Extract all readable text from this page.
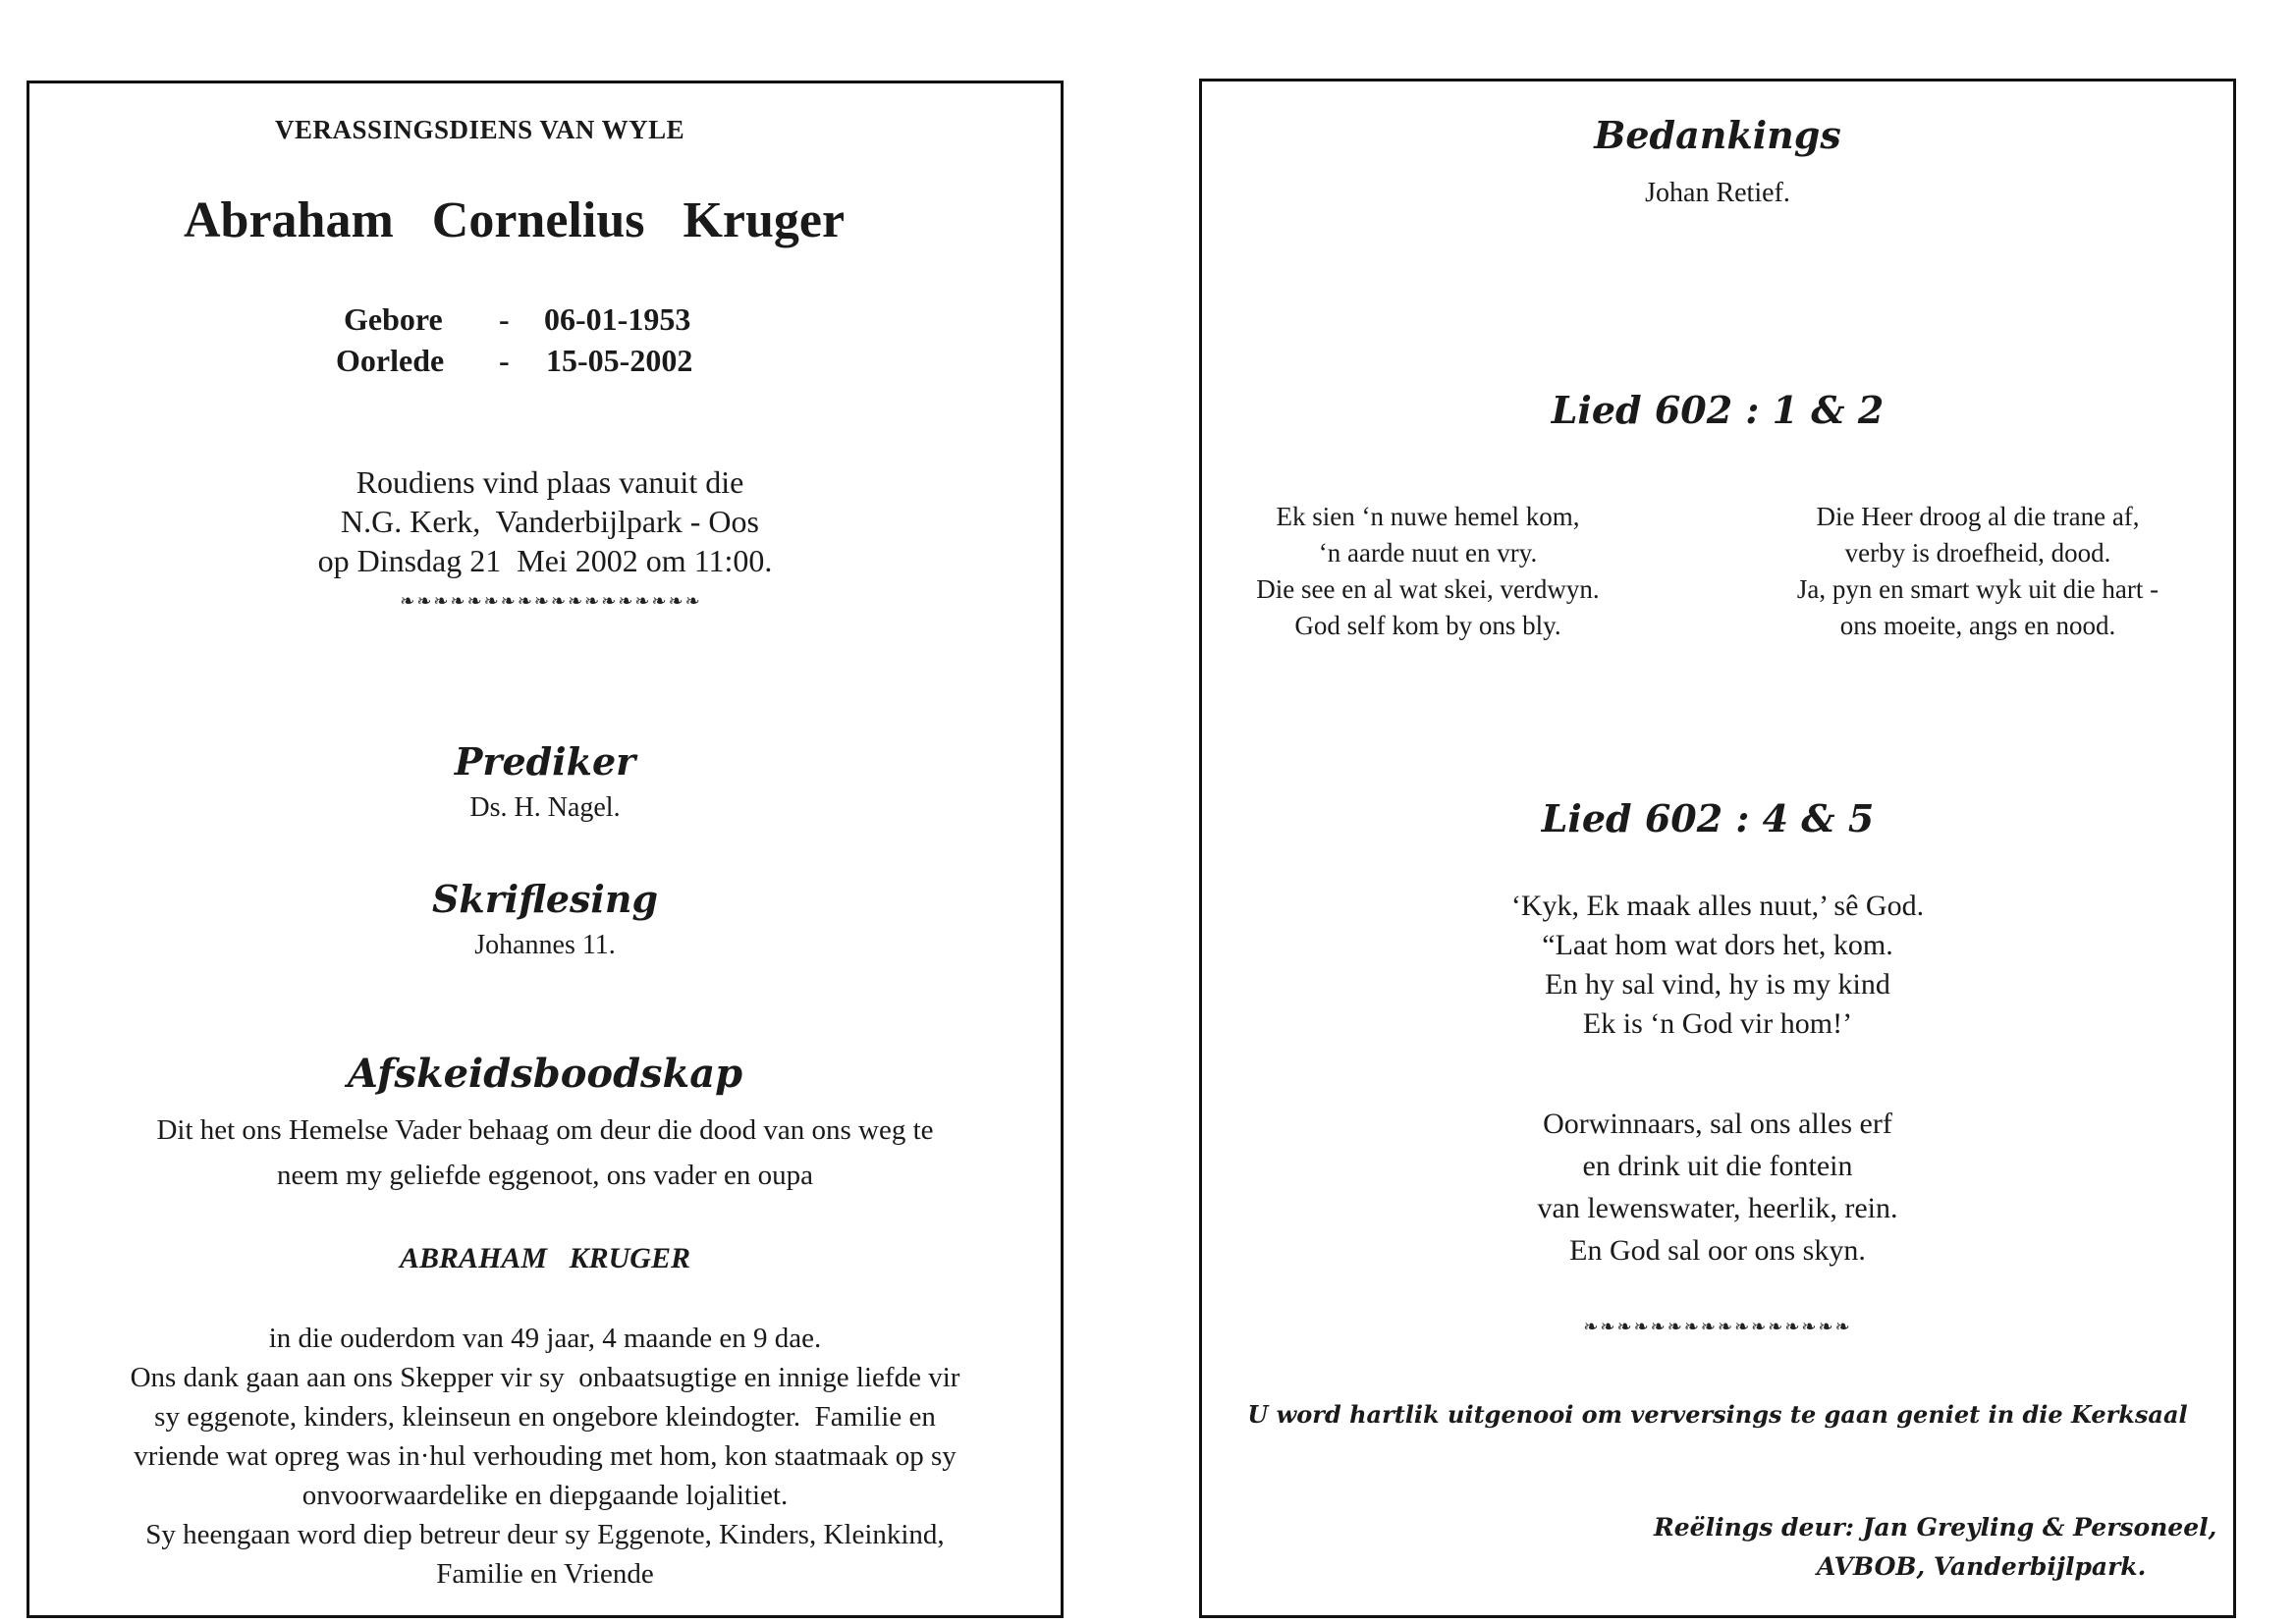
VERASSINGSDIENS VAN WYLE
Abraham   Cornelius   Kruger
Gebore - 06-01-1953
Oorlede - 15-05-2002
Roudiens vind plaas vanuit die
N.G. Kerk,  Vanderbijlpark - Oos
op Dinsdag 21  Mei 2002 om 11:00.
❧❧❧❧❧❧❧❧❧❧❧❧❧❧❧❧❧❧
Prediker
Ds. H. Nagel.
Skriflesing
Johannes 11.
Afskeidsboodskap
Dit het ons Hemelse Vader behaag om deur die dood van ons weg te
neem my geliefde eggenoot, ons vader en oupa
ABRAHAM   KRUGER
in die ouderdom van 49 jaar, 4 maande en 9 dae.
Ons dank gaan aan ons Skepper vir sy  onbaatsugtige en innige liefde vir
sy eggenote, kinders, kleinseun en ongebore kleindogter.  Familie en
vriende wat opreg was in·hul verhouding met hom, kon staatmaak op sy
onvoorwaardelike en diepgaande lojalitiet.
Sy heengaan word diep betreur deur sy Eggenote, Kinders, Kleinkind,
Familie en Vriende
Bedankings
Johan Retief.
Lied 602 : 1 & 2
Ek sien ‘n nuwe hemel kom,
‘n aarde nuut en vry.
Die see en al wat skei, verdwyn.
God self kom by ons bly.
Die Heer droog al die trane af,
verby is droefheid, dood.
Ja, pyn en smart wyk uit die hart -
ons moeite, angs en nood.
Lied 602 : 4 & 5
‘Kyk, Ek maak alles nuut,’ sê God.
“Laat hom wat dors het, kom.
En hy sal vind, hy is my kind
Ek is ‘n God vir hom!’
Oorwinnaars, sal ons alles erf
en drink uit die fontein
van lewenswater, heerlik, rein.
En God sal oor ons skyn.
❧❧❧❧❧❧❧❧❧❧❧❧❧❧❧❧
U word hartlik uitgenooi om verversings te gaan geniet in die Kerksaal
Reëlings deur: Jan Greyling & Personeel,
AVBOB, Vanderbijlpark.
